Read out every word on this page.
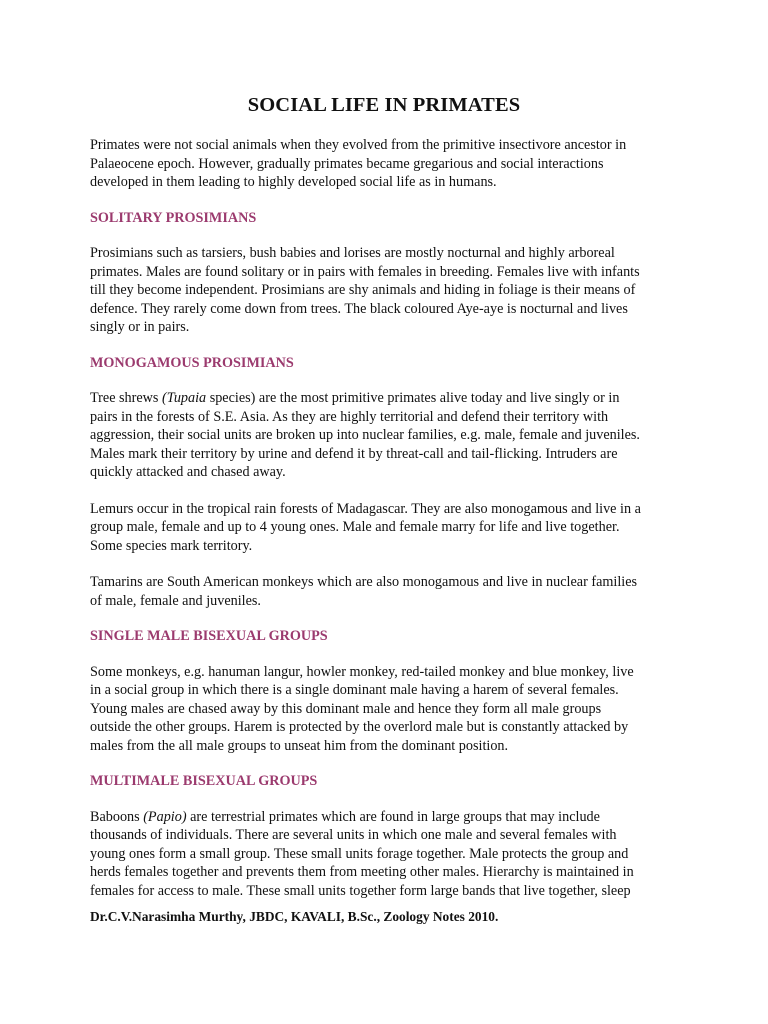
SOCIAL LIFE IN PRIMATES

Primates were not social animals when they evolved from the primitive insectivore ancestor in
Palaeocene epoch. However, gradually primates became gregarious and social interactions
developed in them leading to highly developed social life as in humans.

SOLITARY PROSIMIANS

Prosimians such as tarsiers, bush babies and lorises are mostly nocturnal and highly arboreal
primates. Males are found solitary or in pairs with females in breeding. Females live with infants
till they become independent. Prosimians are shy animals and hiding in foliage is their means of
defence. They rarely come down from trees. The black coloured Aye-aye is nocturnal and lives
singly or in pairs.

MONOGAMOUS PROSIMIANS

Tree shrews (Tupaia species) are the most primitive primates alive today and live singly or in
pairs in the forests of S.E. Asia. As they are highly territorial and defend their territory with
aggression, their social units are broken up into nuclear families, e.g. male, female and juveniles.
Males mark their territory by urine and defend it by threat-call and tail-flicking. Intruders are
quickly attacked and chased away.

Lemurs occur in the tropical rain forests of Madagascar. They are also monogamous and live in a
group male, female and up to 4 young ones. Male and female marry for life and live together.
Some species mark territory.

Tamarins are South American monkeys which are also monogamous and live in nuclear families
of male, female and juveniles.

SINGLE MALE BISEXUAL GROUPS

Some monkeys, e.g. hanuman langur, howler monkey, red-tailed monkey and blue monkey, live
in a social group in which there is a single dominant male having a harem of several females.
Young males are chased away by this dominant male and hence they form all male groups
outside the other groups. Harem is protected by the overlord male but is constantly attacked by
males from the all male groups to unseat him from the dominant position.

MULTIMALE BISEXUAL GROUPS

Baboons (Papio) are terrestrial primates which are found in large groups that may include
thousands of individuals. There are several units in which one male and several females with
young ones form a small group. These small units forage together. Male protects the group and
herds females together and prevents them from meeting other males. Hierarchy is maintained in
females for access to male. These small units together form large bands that live together, sleep

Dr.C.V.Narasimha Murthy, JBDC, KAVALI, B.Sc., Zoology Notes 2010.
